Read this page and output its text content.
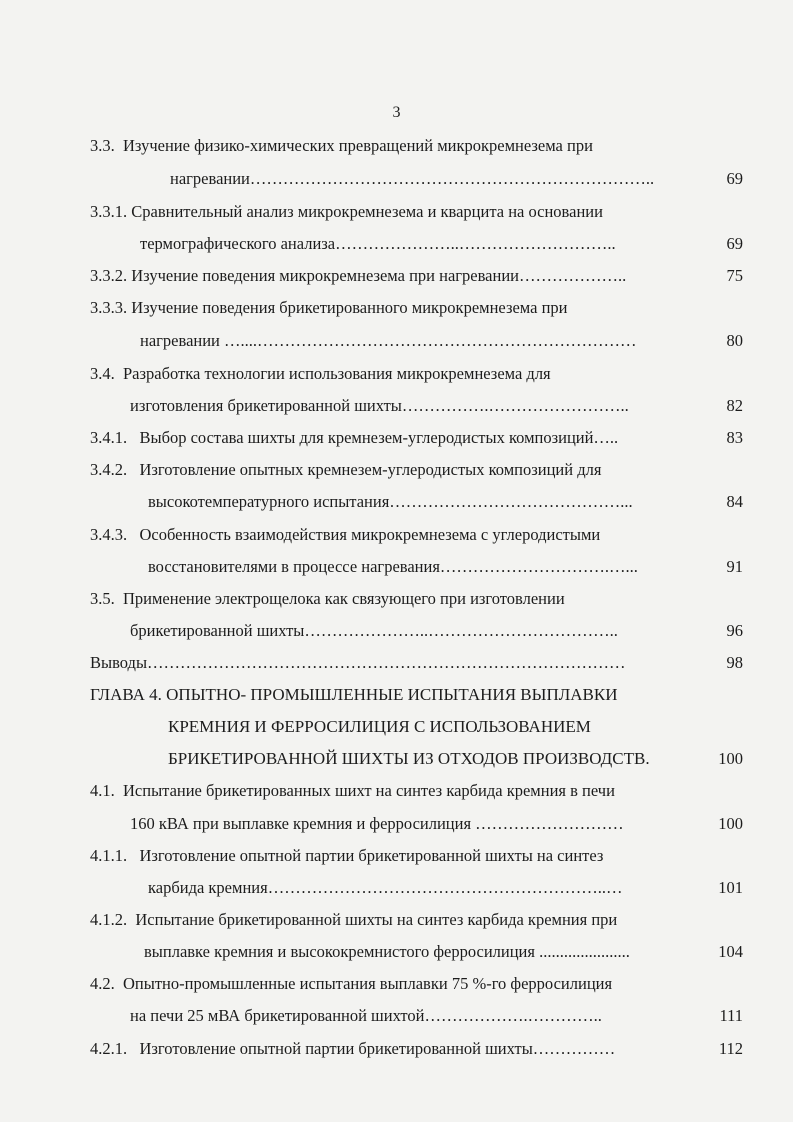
3
3.3. Изучение физико-химических превращений микрокремнезема при
нагревании………………………………………………………………..	69
3.3.1. Сравнительный анализ микрокремнезема и кварцита на основании
термографического анализа…………………..………………………..	69
3.3.2. Изучение поведения микрокремнезема при нагревании………………..	75
3.3.3. Изучение поведения брикетированного микрокремнезема при
нагревании …....……………………………………………………………	80
3.4. Разработка технологии использования микрокремнезема для
изготовления брикетированной шихты…………….……………………..	82
3.4.1. Выбор состава шихты для кремнезем-углеродистых композиций…..	83
3.4.2. Изготовление опытных кремнезем-углеродистых композиций для
высокотемпературного испытания……………………………………...	84
3.4.3. Особенность взаимодействия микрокремнезема с углеродистыми
восстановителями в процессе нагревания………………………….…...	91
3.5. Применение электрощелока как связующего при изготовлении
брикетированной шихты…………………..……………………………..	96
Выводы……………………………………………………………………………	98
ГЛАВА 4. ОПЫТНО- ПРОМЫШЛЕННЫЕ ИСПЫТАНИЯ ВЫПЛАВКИ
КРЕМНИЯ И ФЕРРОСИЛИЦИЯ С ИСПОЛЬЗОВАНИЕМ
БРИКЕТИРОВАННОЙ ШИХТЫ ИЗ ОТХОДОВ ПРОИЗВОДСТВ.	100
4.1. Испытание брикетированных шихт на синтез карбида кремния в печи
160 кВА при выплавке кремния и ферросилиция ………………………	100
4.1.1. Изготовление опытной партии брикетированной шихты на синтез
карбида кремния……………………………………………………..…	101
4.1.2. Испытание брикетированной шихты на синтез карбида кремния при
выплавке кремния и высококремнистого ферросилиция ......................	104
4.2. Опытно-промышленные испытания выплавки 75 %-го ферросилиция
на печи 25 мВА брикетированной шихтой……………….…………..	111
4.2.1. Изготовление опытной партии брикетированной шихты……………	112
